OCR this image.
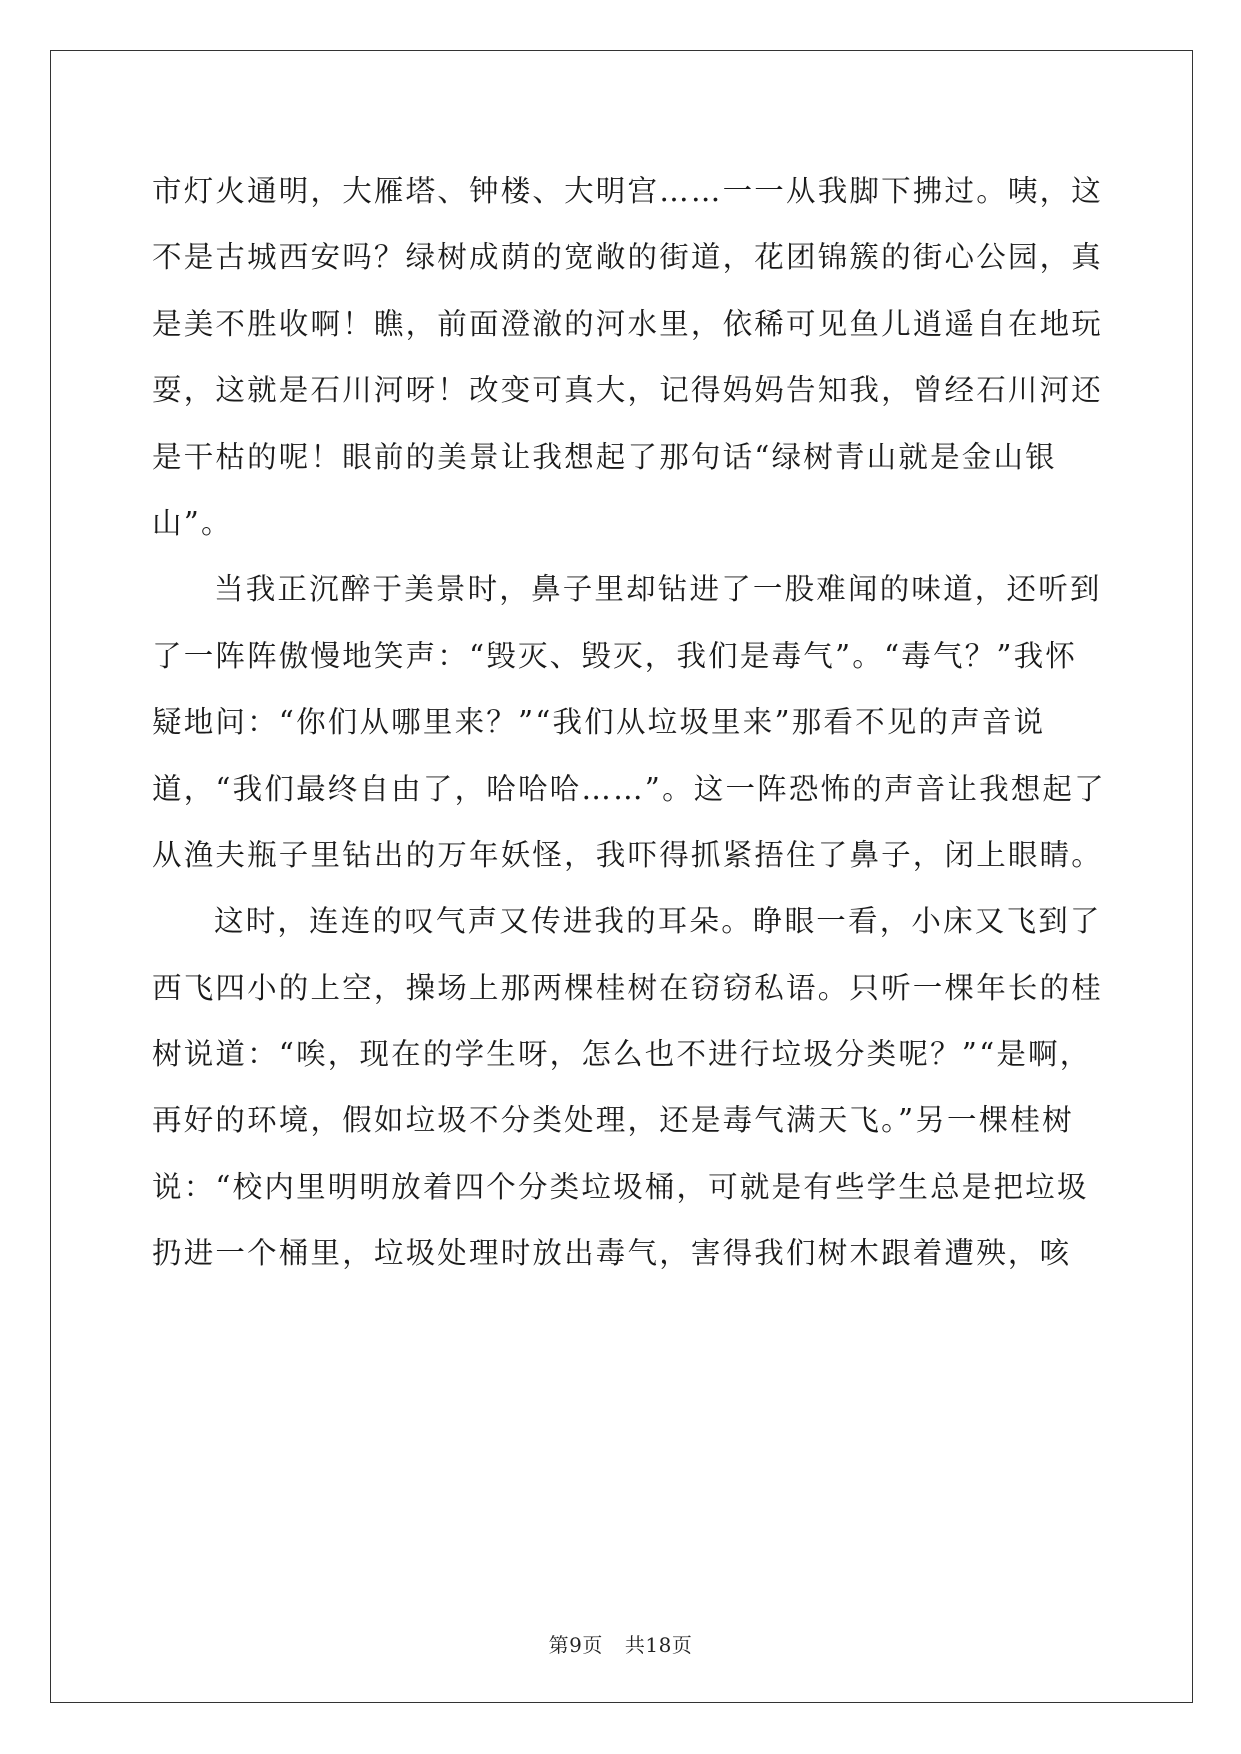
市灯火通明，大雁塔、钟楼、大明宫……一一从我脚下拂过。咦，这
不是古城西安吗？绿树成荫的宽敞的街道，花团锦簇的街心公园，真
是美不胜收啊！瞧，前面澄澈的河水里，依稀可见鱼儿逍遥自在地玩
耍，这就是石川河呀！改变可真大，记得妈妈告知我，曾经石川河还
是干枯的呢！眼前的美景让我想起了那句话“绿树青山就是金山银
山”。
当我正沉醉于美景时，鼻子里却钻进了一股难闻的味道，还听到
了一阵阵傲慢地笑声：“毁灭、毁灭，我们是毒气”。“毒气？”我怀
疑地问：“你们从哪里来？”“我们从垃圾里来”那看不见的声音说
道，“我们最终自由了，哈哈哈……”。这一阵恐怖的声音让我想起了
从渔夫瓶子里钻出的万年妖怪，我吓得抓紧捂住了鼻子，闭上眼睛。
这时，连连的叹气声又传进我的耳朵。睁眼一看，小床又飞到了
西飞四小的上空，操场上那两棵桂树在窃窃私语。只听一棵年长的桂
树说道：“唉，现在的学生呀，怎么也不进行垃圾分类呢？”“是啊，
再好的环境，假如垃圾不分类处理，还是毒气满天飞。”另一棵桂树
说：“校内里明明放着四个分类垃圾桶，可就是有些学生总是把垃圾
扔进一个桶里，垃圾处理时放出毒气，害得我们树木跟着遭殃，咳
第9页 共18页
